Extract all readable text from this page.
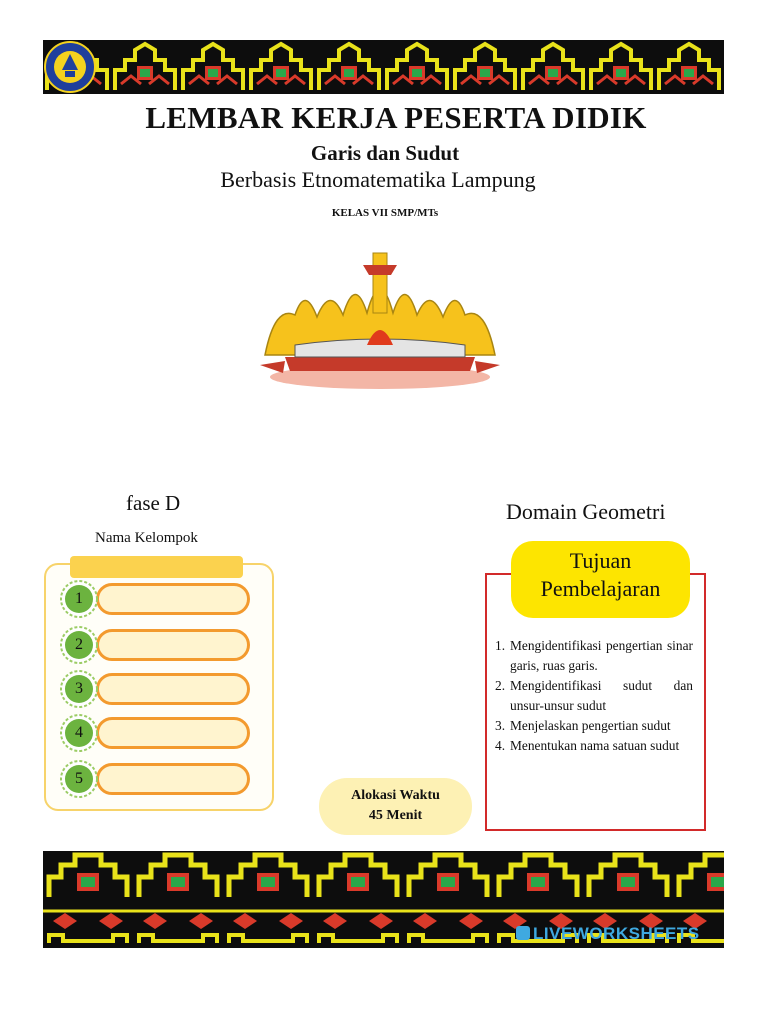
LEMBAR KERJA PESERTA DIDIK
Garis dan Sudut
Berbasis Etnomatematika Lampung
KELAS VII SMP/MTs
fase D
Nama Kelompok
Domain Geometri
1
2
3
4
5
Alokasi Waktu
45 Menit
Tujuan
Pembelajaran
1. Mengidentifikasi pengertian sinar garis, ruas garis.
2. Mengidentifikasi sudut dan unsur-unsur sudut
3. Menjelaskan pengertian sudut
4. Menentukan nama satuan sudut
LIVEWORKSHEETS
